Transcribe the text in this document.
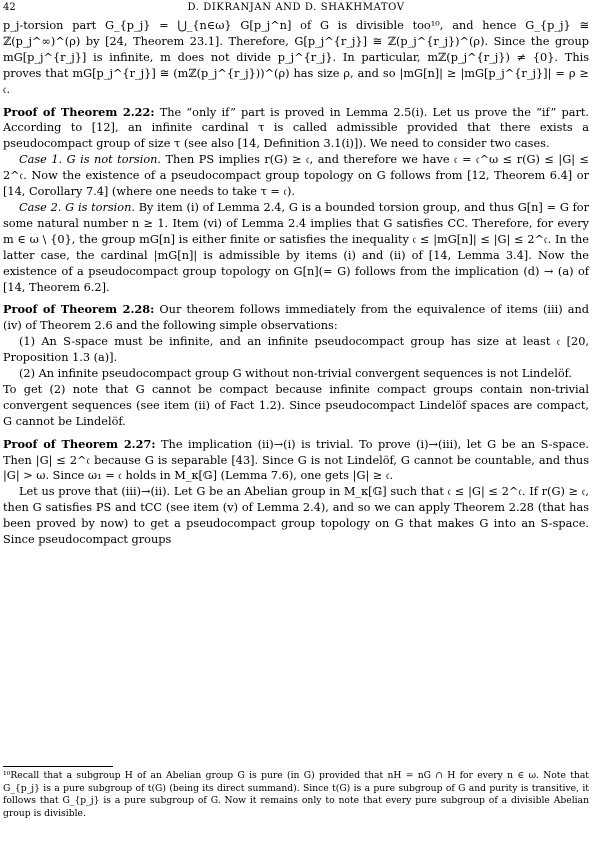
42	D. DIKRANJAN AND D. SHAKHMATOV

p_j-torsion part G_{p_j} = ⋃_{n∈ω} G[p_j^n] of G is divisible too¹⁰, and hence G_{p_j} ≅ ℤ(p_j^∞)^(ρ) by [24, Theorem 23.1]. Therefore, G[p_j^{r_j}] ≅ ℤ(p_j^{r_j})^(ρ). Since the group mG[p_j^{r_j}] is infinite, m does not divide p_j^{r_j}. In particular, mℤ(p_j^{r_j}) ≠ {0}. This proves that mG[p_j^{r_j}] ≅ (mℤ(p_j^{r_j}))^(ρ) has size ρ, and so |mG[n]| ≥ |mG[p_j^{r_j}]| = ρ ≥ 𝔠.

Proof of Theorem 2.22: The “only if” part is proved in Lemma 2.5(i). Let us prove the “if” part. According to [12], an infinite cardinal τ is called admissible provided that there exists a pseudocompact group of size τ (see also [14, Definition 3.1(i)]). We need to consider two cases.

Case 1. G is not torsion. Then PS implies r(G) ≥ 𝔠, and therefore we have 𝔠 = 𝔠^ω ≤ r(G) ≤ |G| ≤ 2^𝔠. Now the existence of a pseudocompact group topology on G follows from [12, Theorem 6.4] or [14, Corollary 7.4] (where one needs to take τ = 𝔠).

Case 2. G is torsion. By item (i) of Lemma 2.4, G is a bounded torsion group, and thus G[n] = G for some natural number n ≥ 1. Item (vi) of Lemma 2.4 implies that G satisfies CC. Therefore, for every m ∈ ω \ {0}, the group mG[n] is either finite or satisfies the inequality 𝔠 ≤ |mG[n]| ≤ |G| ≤ 2^𝔠. In the latter case, the cardinal |mG[n]| is admissible by items (i) and (ii) of [14, Lemma 3.4]. Now the existence of a pseudocompact group topology on G[n](= G) follows from the implication (d) → (a) of [14, Theorem 6.2].

Proof of Theorem 2.28: Our theorem follows immediately from the equivalence of items (iii) and (iv) of Theorem 2.6 and the following simple observations:

(1) An S-space must be infinite, and an infinite pseudocompact group has size at least 𝔠 [20, Proposition 1.3 (a)].

(2) An infinite pseudocompact group G without non-trivial convergent sequences is not Lindelöf.

To get (2) note that G cannot be compact because infinite compact groups contain non-trivial convergent sequences (see item (ii) of Fact 1.2). Since pseudocompact Lindelöf spaces are compact, G cannot be Lindelöf.

Proof of Theorem 2.27: The implication (ii)→(i) is trivial. To prove (i)→(iii), let G be an S-space. Then |G| ≤ 2^𝔠 because G is separable [43]. Since G is not Lindelöf, G cannot be countable, and thus |G| > ω. Since ω₁ = 𝔠 holds in M_κ[𝔾] (Lemma 7.6), one gets |G| ≥ 𝔠.

Let us prove that (iii)→(ii). Let G be an Abelian group in M_κ[𝔾] such that 𝔠 ≤ |G| ≤ 2^𝔠. If r(G) ≥ 𝔠, then G satisfies PS and tCC (see item (v) of Lemma 2.4), and so we can apply Theorem 2.28 (that has been proved by now) to get a pseudocompact group topology on G that makes G into an S-space. Since pseudocompact groups

¹⁰Recall that a subgroup H of an Abelian group G is pure (in G) provided that nH = nG ∩ H for every n ∈ ω. Note that G_{p_j} is a pure subgroup of t(G) (being its direct summand). Since t(G) is a pure subgroup of G and purity is transitive, it follows that G_{p_j} is a pure subgroup of G. Now it remains only to note that every pure subgroup of a divisible Abelian group is divisible.
